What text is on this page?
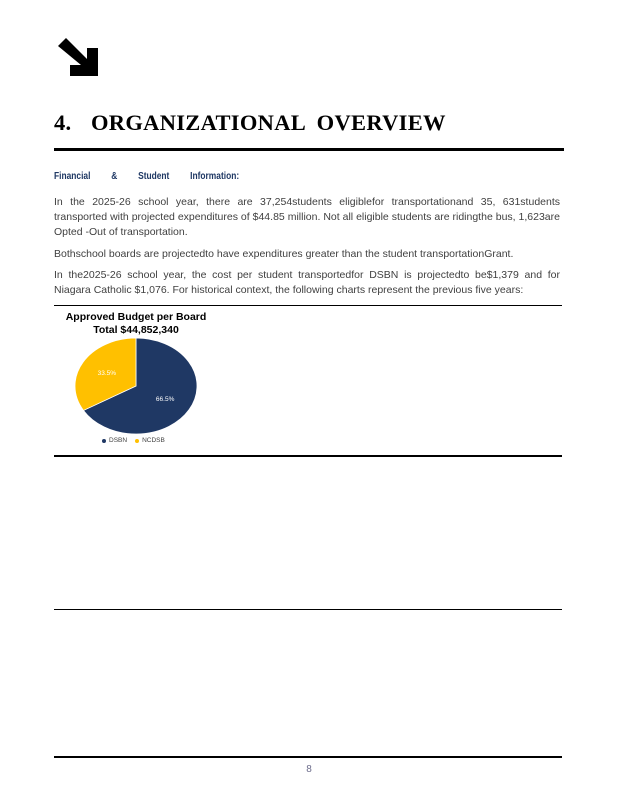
4. ORGANIZATIONAL  OVERVIEW
Financial & Student Information:

In the 2025-26 school year, there are 37,254students eligiblefor transportationand 35, 631students transported with projected expenditures of $44.85 million. Not all eligible students are ridingthe bus, 1,623are Opted -Out of transportation.

Bothschool boards are projectedto have expenditures greater than the student transportationGrant.

In the2025-26 school year, the cost per student transportedfor DSBN is projectedto be$1,379 and for Niagara Catholic $1,076. For historical context, the following charts represent the previous five years:

Approved Budget per Board
Total $44,852,340
66.5%
33.5%
DSBN NCDSB
8
